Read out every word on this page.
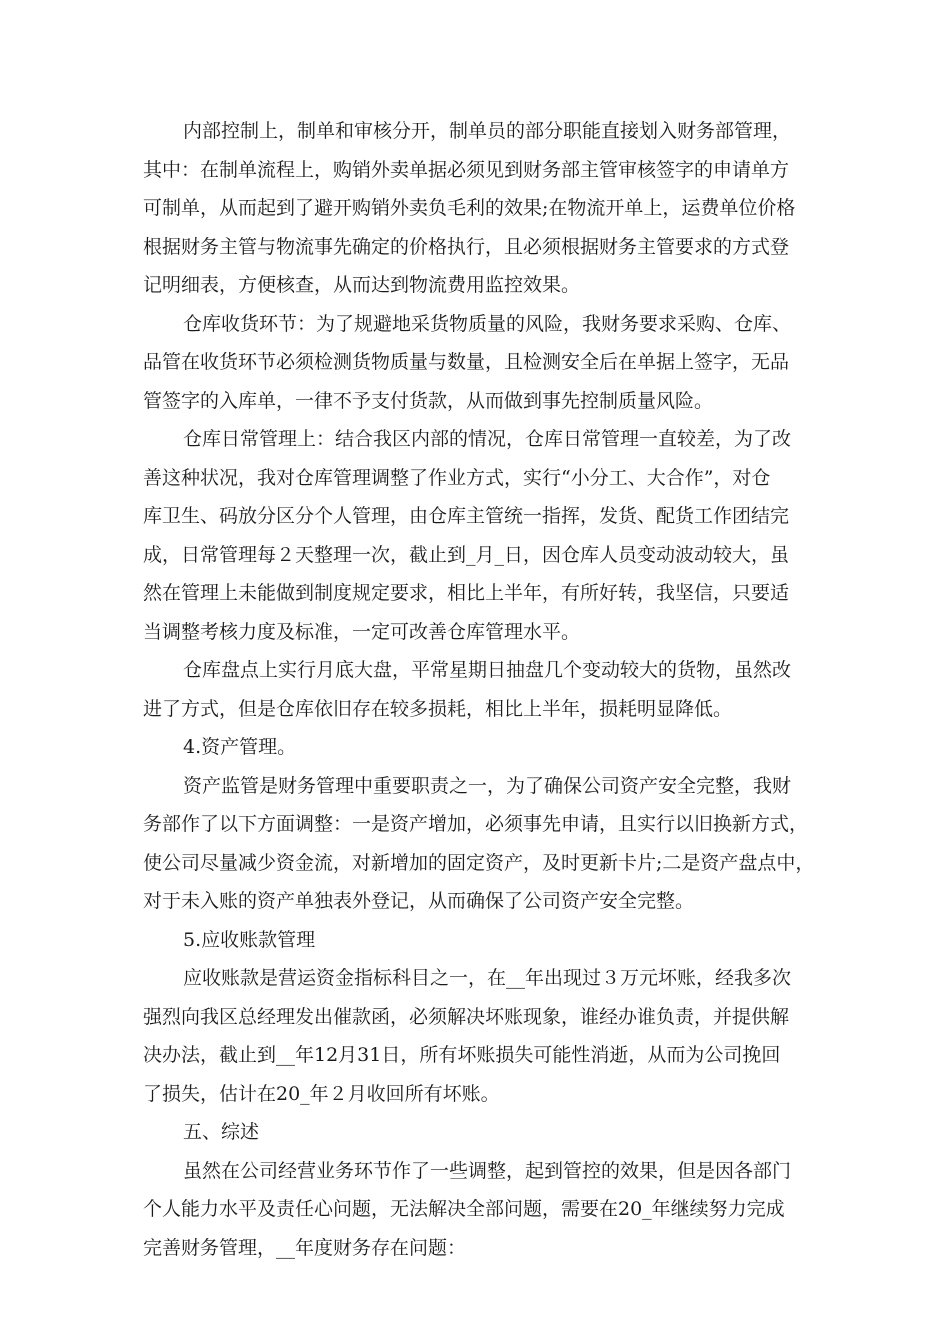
内部控制上，制单和审核分开，制单员的部分职能直接划入财务部管理，
其中：在制单流程上，购销外卖单据必须见到财务部主管审核签字的申请单方
可制单，从而起到了避开购销外卖负毛利的效果;在物流开单上，运费单位价格
根据财务主管与物流事先确定的价格执行，且必须根据财务主管要求的方式登
记明细表，方便核查，从而达到物流费用监控效果。
仓库收货环节：为了规避地采货物质量的风险，我财务要求采购、仓库、
品管在收货环节必须检测货物质量与数量，且检测安全后在单据上签字，无品
管签字的入库单，一律不予支付货款，从而做到事先控制质量风险。
仓库日常管理上：结合我区内部的情况，仓库日常管理一直较差，为了改
善这种状况，我对仓库管理调整了作业方式，实行“小分工、大合作”，对仓
库卫生、码放分区分个人管理，由仓库主管统一指挥，发货、配货工作团结完
成，日常管理每２天整理一次，截止到_月_日，因仓库人员变动波动较大，虽
然在管理上未能做到制度规定要求，相比上半年，有所好转，我坚信，只要适
当调整考核力度及标准，一定可改善仓库管理水平。
仓库盘点上实行月底大盘，平常星期日抽盘几个变动较大的货物，虽然改
进了方式，但是仓库依旧存在较多损耗，相比上半年，损耗明显降低。
4.资产管理。
资产监管是财务管理中重要职责之一，为了确保公司资产安全完整，我财
务部作了以下方面调整：一是资产增加，必须事先申请，且实行以旧换新方式，
使公司尽量减少资金流，对新增加的固定资产，及时更新卡片;二是资产盘点中，
对于未入账的资产单独表外登记，从而确保了公司资产安全完整。
5.应收账款管理
应收账款是营运资金指标科目之一，在__年出现过３万元坏账，经我多次
强烈向我区总经理发出催款函，必须解决坏账现象，谁经办谁负责，并提供解
决办法，截止到__年12月31日，所有坏账损失可能性消逝，从而为公司挽回
了损失，估计在20_年２月收回所有坏账。
五、综述
虽然在公司经营业务环节作了一些调整，起到管控的效果，但是因各部门
个人能力水平及责任心问题，无法解决全部问题，需要在20_年继续努力完成
完善财务管理，__年度财务存在问题：
